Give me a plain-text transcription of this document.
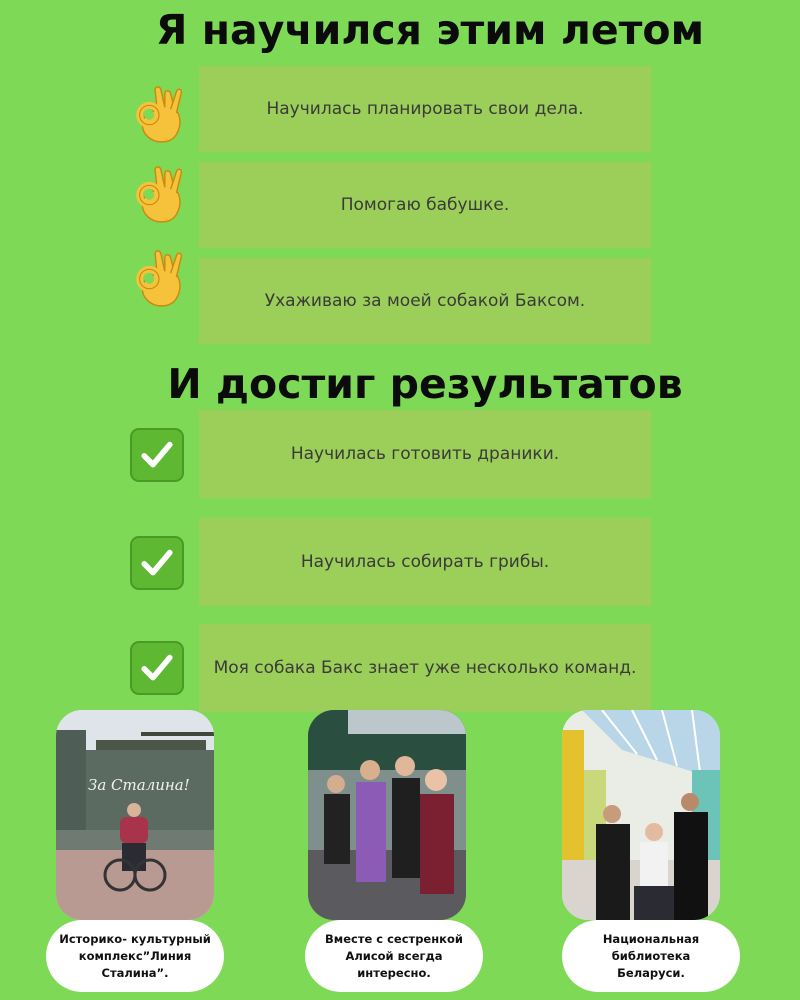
Я научился этим летом
И достиг результатов
Научилась планировать свои дела.
Помогаю бабушке.
Ухаживаю за моей собакой Баксом.
Научилась готовить драники.
Научилась собирать грибы.
Моя собака Бакс знает уже несколько команд.
За Сталина!
Историко- культурный
комплекс”Линия Сталина”.
Вместе с сестренкой
Алисой всегда интересно.
Национальная библиотека
Беларуси.
